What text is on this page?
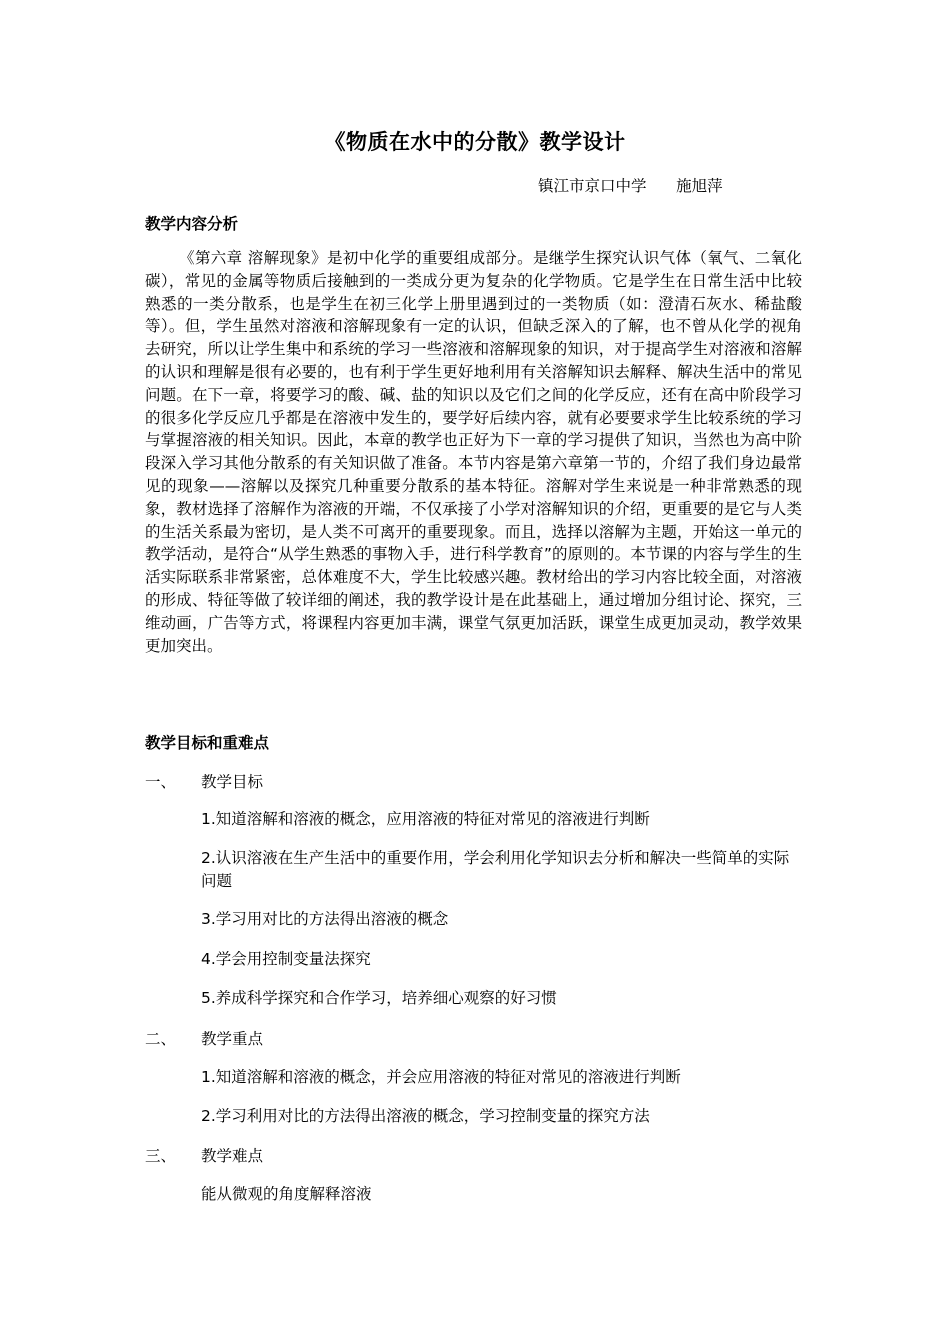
《物质在水中的分散》教学设计
镇江市京口中学      施旭萍
教学内容分析

《第六章 溶解现象》是初中化学的重要组成部分。是继学生探究认识气体（氧气、二氧化碳），常见的金属等物质后接触到的一类成分更为复杂的化学物质。它是学生在日常生活中比较熟悉的一类分散系，也是学生在初三化学上册里遇到过的一类物质（如：澄清石灰水、稀盐酸等）。但，学生虽然对溶液和溶解现象有一定的认识，但缺乏深入的了解，也不曾从化学的视角去研究，所以让学生集中和系统的学习一些溶液和溶解现象的知识，对于提高学生对溶液和溶解的认识和理解是很有必要的，也有利于学生更好地利用有关溶解知识去解释、解决生活中的常见问题。在下一章，将要学习的酸、碱、盐的知识以及它们之间的化学反应，还有在高中阶段学习的很多化学反应几乎都是在溶液中发生的，要学好后续内容，就有必要要求学生比较系统的学习与掌握溶液的相关知识。因此，本章的教学也正好为下一章的学习提供了知识，当然也为高中阶段深入学习其他分散系的有关知识做了准备。本节内容是第六章第一节的，介绍了我们身边最常见的现象——溶解以及探究几种重要分散系的基本特征。溶解对学生来说是一种非常熟悉的现象，教材选择了溶解作为溶液的开端，不仅承接了小学对溶解知识的介绍，更重要的是它与人类的生活关系最为密切，是人类不可离开的重要现象。而且，选择以溶解为主题，开始这一单元的教学活动，是符合“从学生熟悉的事物入手，进行科学教育”的原则的。本节课的内容与学生的生活实际联系非常紧密，总体难度不大，学生比较感兴趣。教材给出的学习内容比较全面，对溶液的形成、特征等做了较详细的阐述，我的教学设计是在此基础上，通过增加分组讨论、探究，三维动画，广告等方式，将课程内容更加丰满，课堂气氛更加活跃，课堂生成更加灵动，教学效果更加突出。

教学目标和重难点
一、 教学目标
1.知道溶解和溶液的概念，应用溶液的特征对常见的溶液进行判断
2.认识溶液在生产生活中的重要作用，学会利用化学知识去分析和解决一些简单的实际问题
3.学习用对比的方法得出溶液的概念
4.学会用控制变量法探究
5.养成科学探究和合作学习，培养细心观察的好习惯
二、 教学重点
1.知道溶解和溶液的概念，并会应用溶液的特征对常见的溶液进行判断
2.学习利用对比的方法得出溶液的概念，学习控制变量的探究方法
三、 教学难点
能从微观的角度解释溶液
